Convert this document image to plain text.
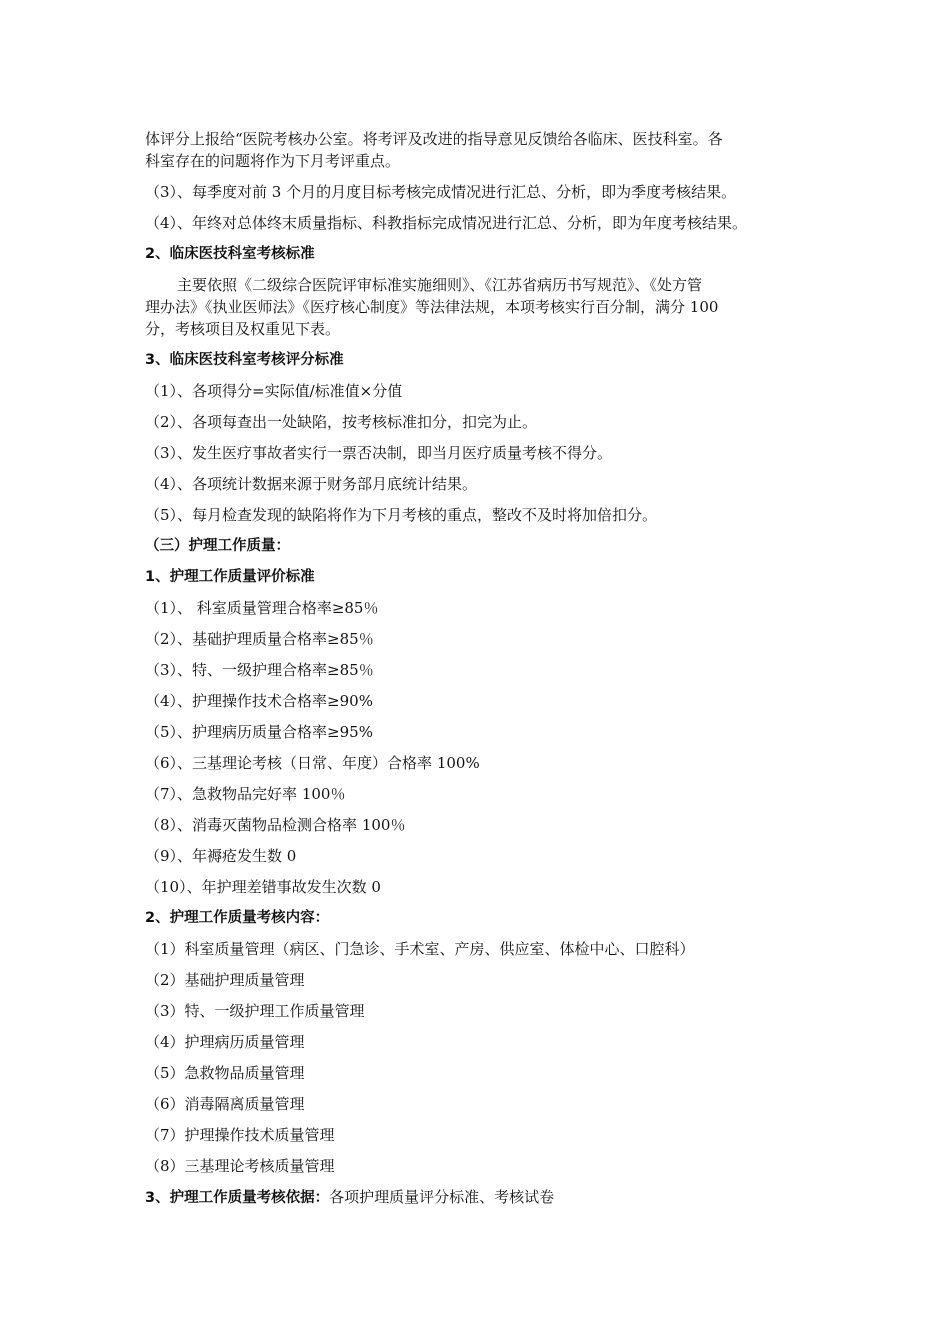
体评分上报给“医院考核办公室。将考评及改进的指导意见反馈给各临床、医技科室。各

科室存在的问题将作为下月考评重点。

（3）、每季度对前 3 个月的月度目标考核完成情况进行汇总、分析，即为季度考核结果。

（4）、年终对总体终末质量指标、科教指标完成情况进行汇总、分析，即为年度考核结果。

2、临床医技科室考核标准

主要依照《二级综合医院评审标准实施细则》、《江苏省病历书写规范》、《处方管

理办法》《执业医师法》《医疗核心制度》等法律法规，本项考核实行百分制，满分 100

分，考核项目及权重见下表。

3、临床医技科室考核评分标准

（1）、各项得分=实际值/标准值×分值

（2）、各项每查出一处缺陷，按考核标准扣分，扣完为止。

（3）、发生医疗事故者实行一票否决制，即当月医疗质量考核不得分。

（4）、各项统计数据来源于财务部月底统计结果。

（5）、每月检查发现的缺陷将作为下月考核的重点，整改不及时将加倍扣分。

（三）护理工作质量：

1、护理工作质量评价标准

（1）、 科室质量管理合格率≥85％

（2）、基础护理质量合格率≥85％

（3）、特、一级护理合格率≥85％

（4）、护理操作技术合格率≥90%

（5）、护理病历质量合格率≥95%

（6）、三基理论考核（日常、年度）合格率 100%

（7）、急救物品完好率 100％

（8）、消毒灭菌物品检测合格率 100％

（9）、年褥疮发生数 0

（10）、年护理差错事故发生次数 0

2、护理工作质量考核内容：

（1）科室质量管理（病区、门急诊、手术室、产房、供应室、体检中心、口腔科）

（2）基础护理质量管理

（3）特、一级护理工作质量管理

（4）护理病历质量管理

（5）急救物品质量管理

（6）消毒隔离质量管理

（7）护理操作技术质量管理

（8）三基理论考核质量管理

3、护理工作质量考核依据：各项护理质量评分标准、考核试卷
